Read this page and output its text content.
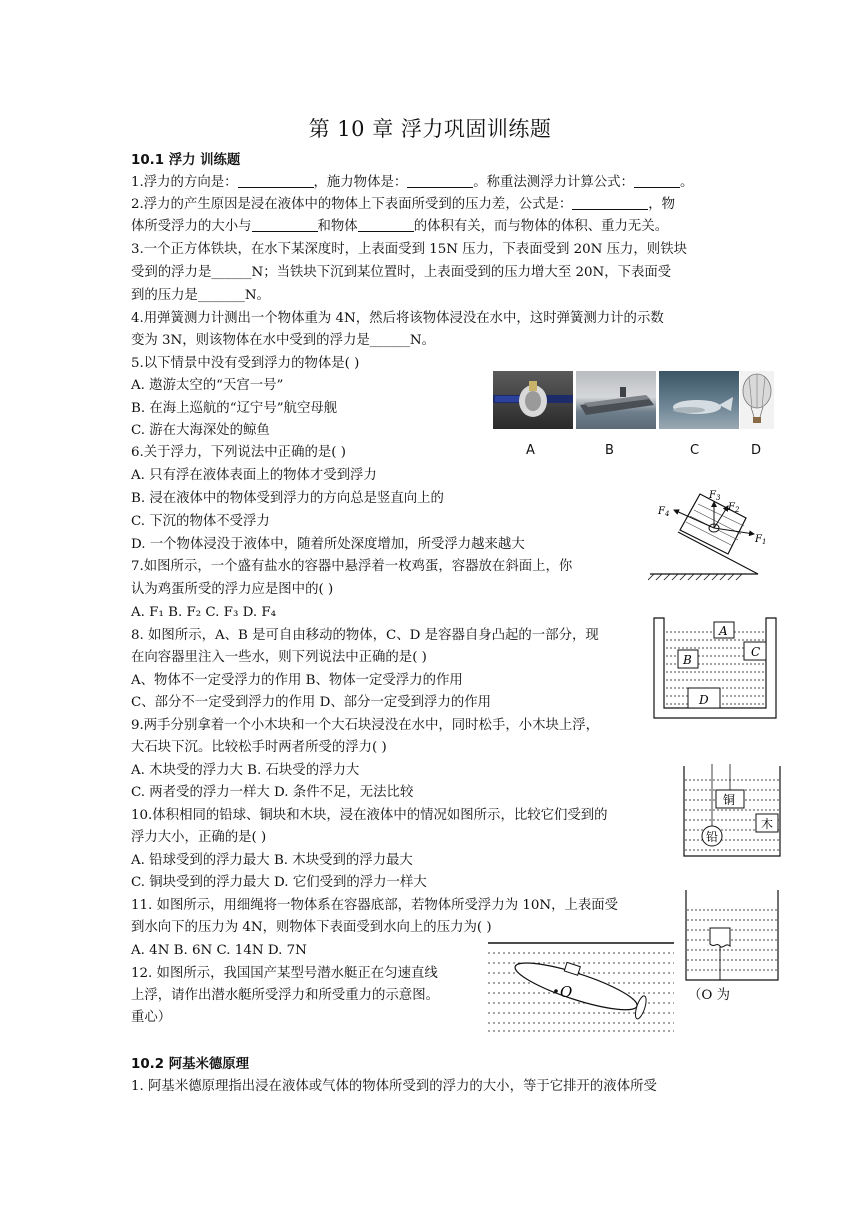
第 10 章 浮力巩固训练题
10.1 浮力 训练题
1.浮力的方向是：	，施力物体是：	。称重法测浮力计算公式：	。
2.浮力的产生原因是浸在液体中的物体上下表面所受到的压力差，公式是：	，物
体所受浮力的大小与	和物体	的体积有关，而与物体的体积、重力无关。
3.一个正方体铁块，在水下某深度时，上表面受到 15N 压力，下表面受到 20N 压力，则铁块
受到的浮力是______N；当铁块下沉到某位置时，上表面受到的压力增大至 20N，下表面受
到的压力是_______N。
4.用弹簧测力计测出一个物体重为 4N，然后将该物体浸没在水中，这时弹簧测力计的示数
变为 3N，则该物体在水中受到的浮力是______N。
5.以下情景中没有受到浮力的物体是( )
A. 遨游太空的“天宫一号”
B. 在海上巡航的“辽宁号”航空母舰
C. 游在大海深处的鲸鱼
A	B	C	D
6.关于浮力，下列说法中正确的是( )
A. 只有浮在液体表面上的物体才受到浮力
B. 浸在液体中的物体受到浮力的方向总是竖直向上的
C. 下沉的物体不受浮力
D. 一个物体浸没于液体中，随着所处深度增加，所受浮力越来越大
$F_3$
$F_2$
$F_1$
$F_4$
7.如图所示，一个盛有盐水的容器中悬浮着一枚鸡蛋，容器放在斜面上，你
认为鸡蛋所受的浮力应是图中的( )
A. F₁ B. F₂ C. F₃ D. F₄
8. 如图所示，A、B 是可自由移动的物体，C、D 是容器自身凸起的一部分，现
在向容器里注入一些水，则下列说法中正确的是( )
A、物体不一定受浮力的作用 B、物体一定受浮力的作用
C、部分不一定受到浮力的作用 D、部分一定受到浮力的作用
A
B
C
D
9.两手分别拿着一个小木块和一个大石块浸没在水中，同时松手，小木块上浮，
大石块下沉。比较松手时两者所受的浮力( )
A. 木块受的浮力大 B. 石块受的浮力大
C. 两者受的浮力一样大 D. 条件不足，无法比较	铜
木
铅
10.体积相同的铅球、铜块和木块，浸在液体中的情况如图所示，比较它们受到的
浮力大小，正确的是( )
A. 铅球受到的浮力最大 B. 木块受到的浮力最大
C. 铜块受到的浮力最大 D. 它们受到的浮力一样大
11. 如图所示，用细绳将一物体系在容器底部，若物体所受浮力为 10N，上表面受
到水向下的压力为 4N，则物体下表面受到水向上的压力为( )
A. 4N B. 6N C. 14N D. 7N
O
12. 如图所示，我国国产某型号潜水艇正在匀速直线
上浮，请作出潜水艇所受浮力和所受重力的示意图。	（O 为
重心）
10.2 阿基米德原理
1. 阿基米德原理指出浸在液体或气体的物体所受到的浮力的大小，等于它排开的液体所受
